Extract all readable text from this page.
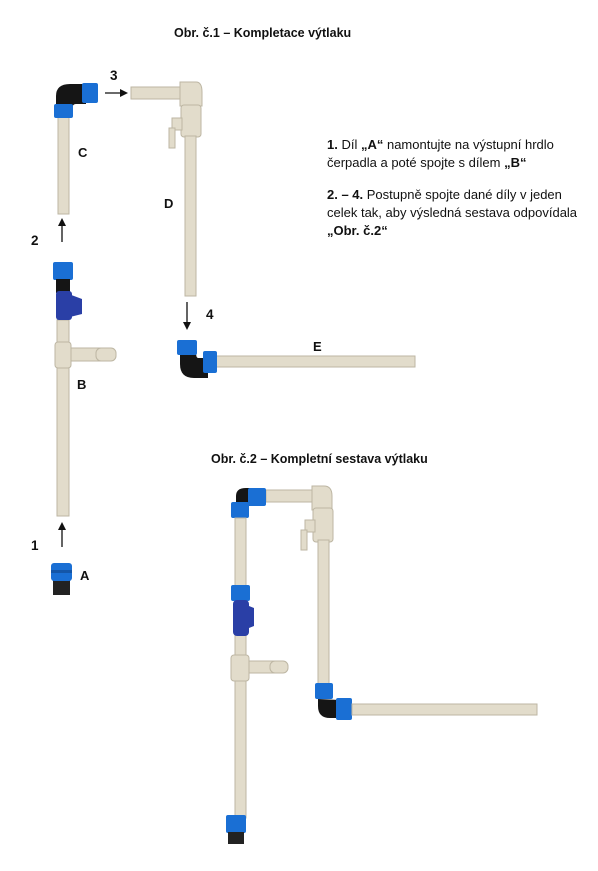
Obr. č.1 – Kompletace výtlaku
Obr. č.2 – Kompletní sestava výtlaku
1. Díl „A“ namontujte na výstupní hrdlo čerpadla a poté spojte s dílem „B“
2. – 4. Postupně spojte dané díly v jeden celek tak, aby výsledná sestava odpovídala „Obr. č.2“
A
B
C
D
E
1
2
3
4
